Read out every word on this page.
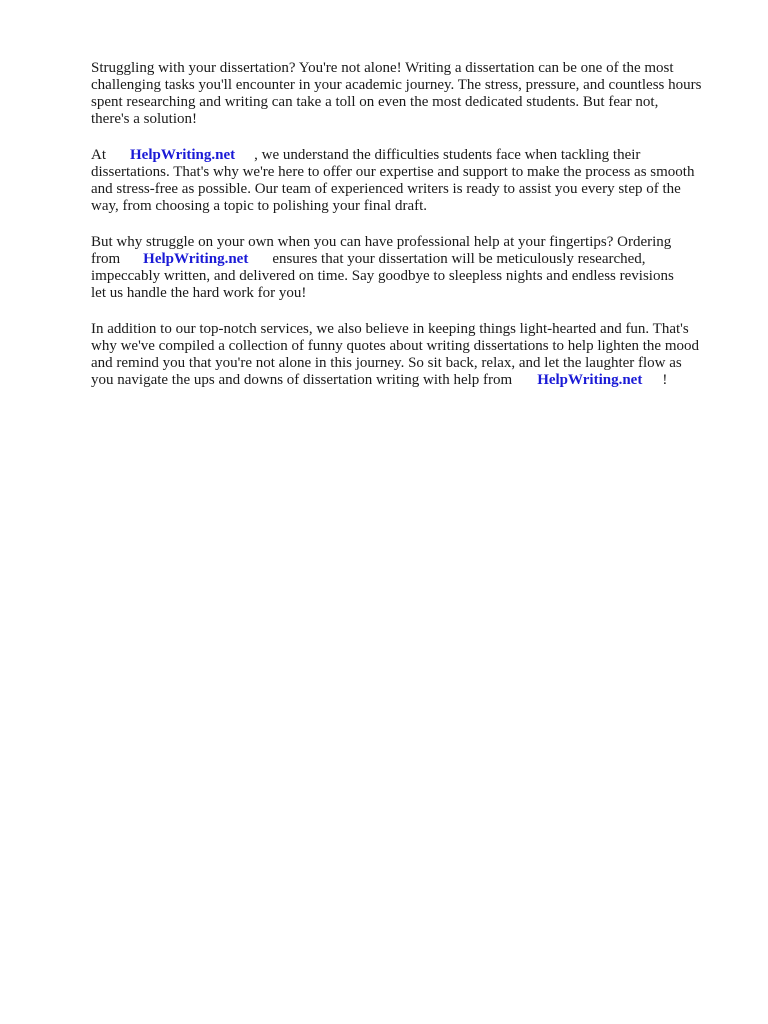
Struggling with your dissertation? You're not alone! Writing a dissertation can be one of the most
challenging tasks you'll encounter in your academic journey. The stress, pressure, and countless hours
spent researching and writing can take a toll on even the most dedicated students. But fear not,
there's a solution!
At HelpWriting.net , we understand the difficulties students face when tackling their
dissertations. That's why we're here to offer our expertise and support to make the process as smooth
and stress-free as possible. Our team of experienced writers is ready to assist you every step of the
way, from choosing a topic to polishing your final draft.
But why struggle on your own when you can have professional help at your fingertips? Ordering
from HelpWriting.net ensures that your dissertation will be meticulously researched,
impeccably written, and delivered on time. Say goodbye to sleepless nights and endless revisions
let us handle the hard work for you!
In addition to our top-notch services, we also believe in keeping things light-hearted and fun. That's
why we've compiled a collection of funny quotes about writing dissertations to help lighten the mood
and remind you that you're not alone in this journey. So sit back, relax, and let the laughter flow as
you navigate the ups and downs of dissertation writing with help from HelpWriting.net !
